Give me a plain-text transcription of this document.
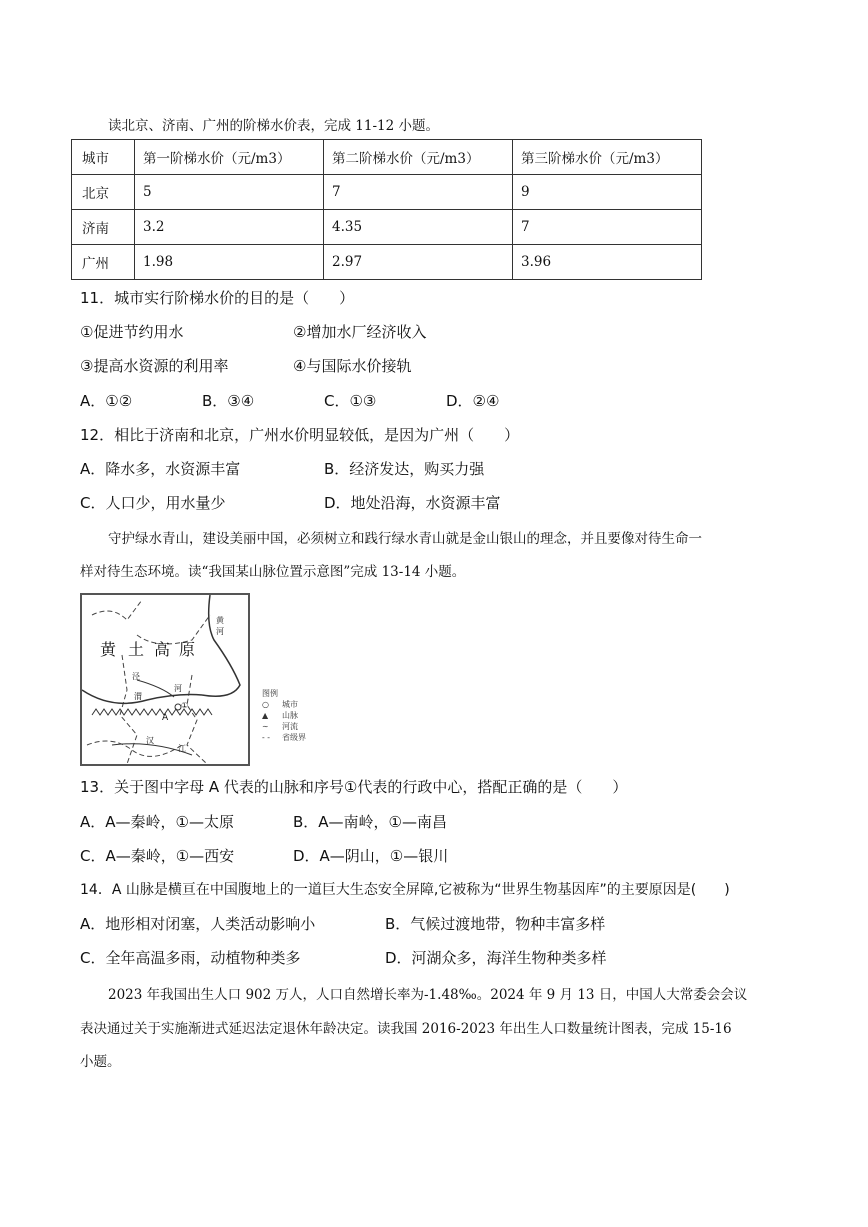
读北京、济南、广州的阶梯水价表，完成 11-12 小题。
城市	第一阶梯水价（元/m3）	第二阶梯水价（元/m3）	第三阶梯水价（元/m3）
北京	5	7	9
济南	3.2	4.35	7
广州	1.98	2.97	3.96
11．城市实行阶梯水价的目的是（　　）
①促进节约用水	②增加水厂经济收入
③提高水资源的利用率	④与国际水价接轨
A．①②	B．③④	C．①③	D．②④
12．相比于济南和北京，广州水价明显较低，是因为广州（　　）
A．降水多，水资源丰富	B．经济发达，购买力强
C．人口少，用水量少	D．地处沿海，水资源丰富
守护绿水青山，建设美丽中国，必须树立和践行绿水青山就是金山银山的理念，并且要像对待生命一
样对待生态环境。读“我国某山脉位置示意图”完成 13-14 小题。
黄 土 高 原
黄
河
泾
河
渭
汉
江
A
①
图例
○ 城市
▲ 山脉
∼ 河流
- - 省级界
13．关于图中字母 A 代表的山脉和序号①代表的行政中心，搭配正确的是（　　）
A．A—秦岭，①—太原	B．A—南岭，①—南昌
C．A—秦岭，①—西安	D．A—阴山，①—银川
14．A 山脉是横亘在中国腹地上的一道巨大生态安全屏障,它被称为“世界生物基因库”的主要原因是(　　)
A．地形相对闭塞，人类活动影响小	B．气候过渡地带，物种丰富多样
C．全年高温多雨，动植物种类多	D．河湖众多，海洋生物种类多样
2023 年我国出生人口 902 万人，人口自然增长率为-1.48‰。2024 年 9 月 13 日，中国人大常委会会议
表决通过关于实施渐进式延迟法定退休年龄决定。读我国 2016-2023 年出生人口数量统计图表，完成 15-16
小题。
